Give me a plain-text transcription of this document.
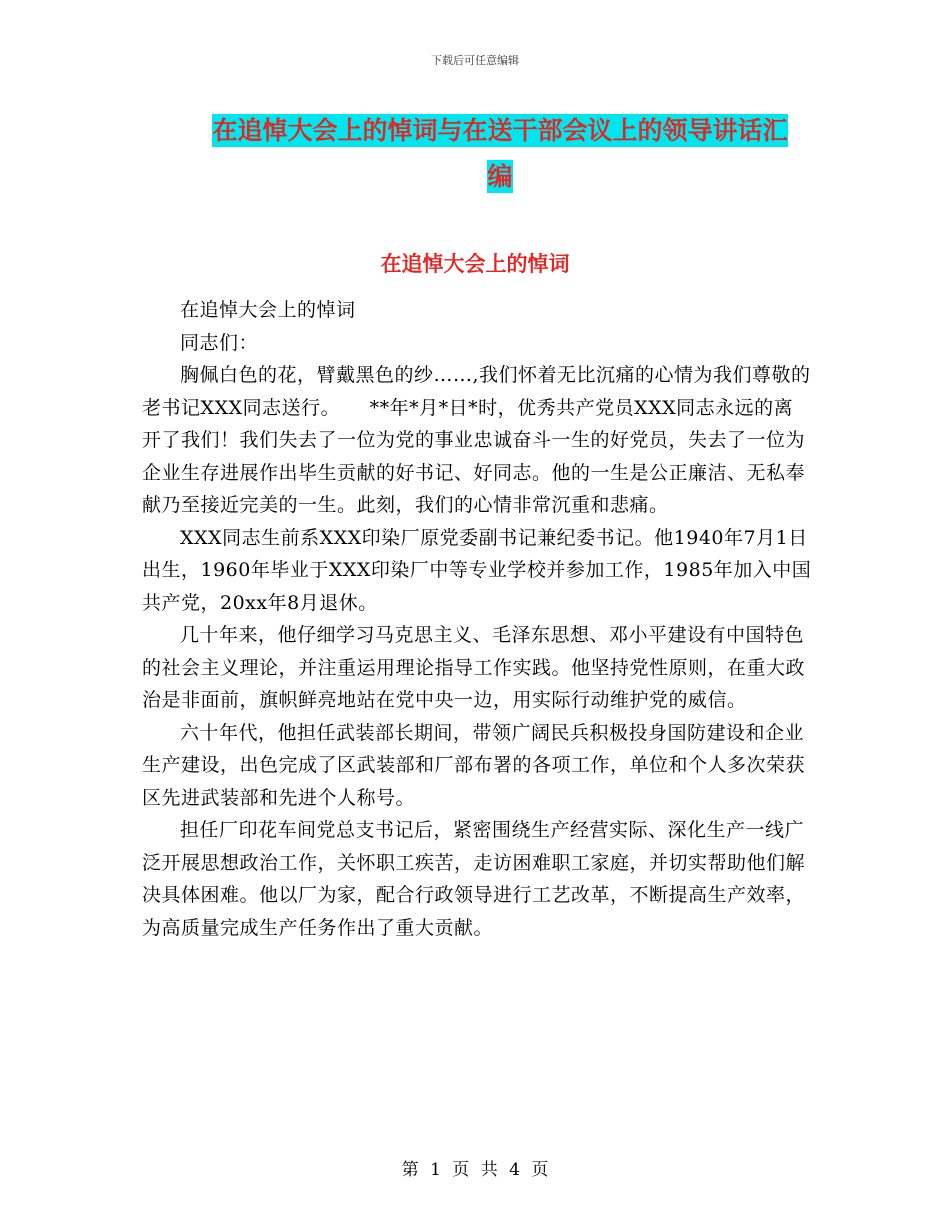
下载后可任意编辑
在追悼大会上的悼词与在送干部会议上的领导讲话汇
编
在追悼大会上的悼词

在追悼大会上的悼词

同志们：

胸佩白色的花，臂戴黑色的纱……,我们怀着无比沉痛的心情为我们尊敬的老书记XXX同志送行。　　**年*月*日*时，优秀共产党员XXX同志永远的离开了我们！我们失去了一位为党的事业忠诚奋斗一生的好党员，失去了一位为企业生存进展作出毕生贡献的好书记、好同志。他的一生是公正廉洁、无私奉献乃至接近完美的一生。此刻，我们的心情非常沉重和悲痛。

XXX同志生前系XXX印染厂原党委副书记兼纪委书记。他1940年7月1日出生，1960年毕业于XXX印染厂中等专业学校并参加工作，1985年加入中国共产党，20xx年8月退休。

几十年来，他仔细学习马克思主义、毛泽东思想、邓小平建设有中国特色的社会主义理论，并注重运用理论指导工作实践。他坚持党性原则，在重大政治是非面前，旗帜鲜亮地站在党中央一边，用实际行动维护党的威信。

六十年代，他担任武装部长期间，带领广阔民兵积极投身国防建设和企业生产建设，出色完成了区武装部和厂部布署的各项工作，单位和个人多次荣获区先进武装部和先进个人称号。

担任厂印花车间党总支书记后，紧密围绕生产经营实际、深化生产一线广泛开展思想政治工作，关怀职工疾苦，走访困难职工家庭，并切实帮助他们解决具体困难。他以厂为家，配合行政领导进行工艺改革，不断提高生产效率，为高质量完成生产任务作出了重大贡献。

第 1 页 共 4 页
